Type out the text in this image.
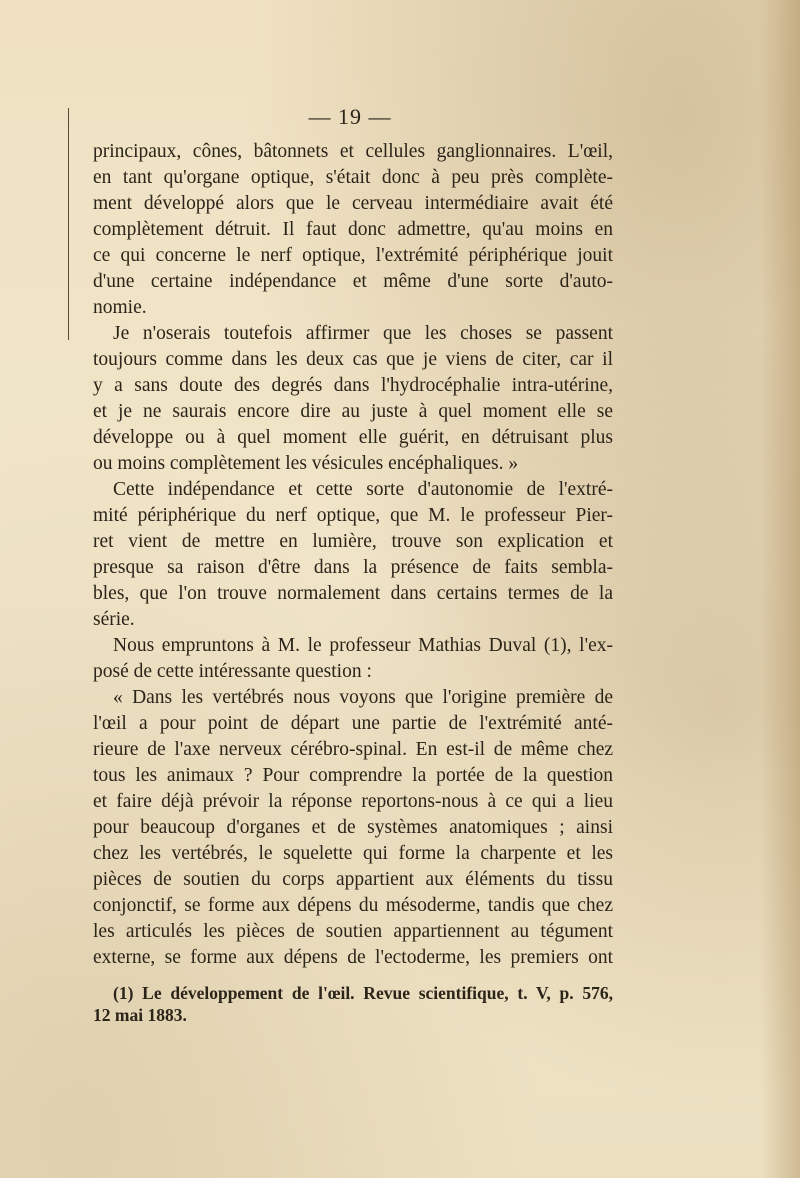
— 19 —
principaux, cônes, bâtonnets et cellules ganglionnaires. L'œil,
en tant qu'organe optique, s'était donc à peu près complète-
ment développé alors que le cerveau intermédiaire avait été
complètement détruit. Il faut donc admettre, qu'au moins en
ce qui concerne le nerf optique, l'extrémité périphérique jouit
d'une certaine indépendance et même d'une sorte d'auto-
nomie.
Je n'oserais toutefois affirmer que les choses se passent
toujours comme dans les deux cas que je viens de citer, car il
y a sans doute des degrés dans l'hydrocéphalie intra-utérine,
et je ne saurais encore dire au juste à quel moment elle se
développe ou à quel moment elle guérit, en détruisant plus
ou moins complètement les vésicules encéphaliques. »
Cette indépendance et cette sorte d'autonomie de l'extré-
mité périphérique du nerf optique, que M. le professeur Pier-
ret vient de mettre en lumière, trouve son explication et
presque sa raison d'être dans la présence de faits sembla-
bles, que l'on trouve normalement dans certains termes de la
série.
Nous empruntons à M. le professeur Mathias Duval (1), l'ex-
posé de cette intéressante question :
« Dans les vertébrés nous voyons que l'origine première de
l'œil a pour point de départ une partie de l'extrémité anté-
rieure de l'axe nerveux cérébro-spinal. En est-il de même chez
tous les animaux ? Pour comprendre la portée de la question
et faire déjà prévoir la réponse reportons-nous à ce qui a lieu
pour beaucoup d'organes et de systèmes anatomiques ; ainsi
chez les vertébrés, le squelette qui forme la charpente et les
pièces de soutien du corps appartient aux éléments du tissu
conjonctif, se forme aux dépens du mésoderme, tandis que chez
les articulés les pièces de soutien appartiennent au tégument
externe, se forme aux dépens de l'ectoderme, les premiers ont
(1) Le développement de l'œil. Revue scientifique, t. V, p. 576,
12 mai 1883.
